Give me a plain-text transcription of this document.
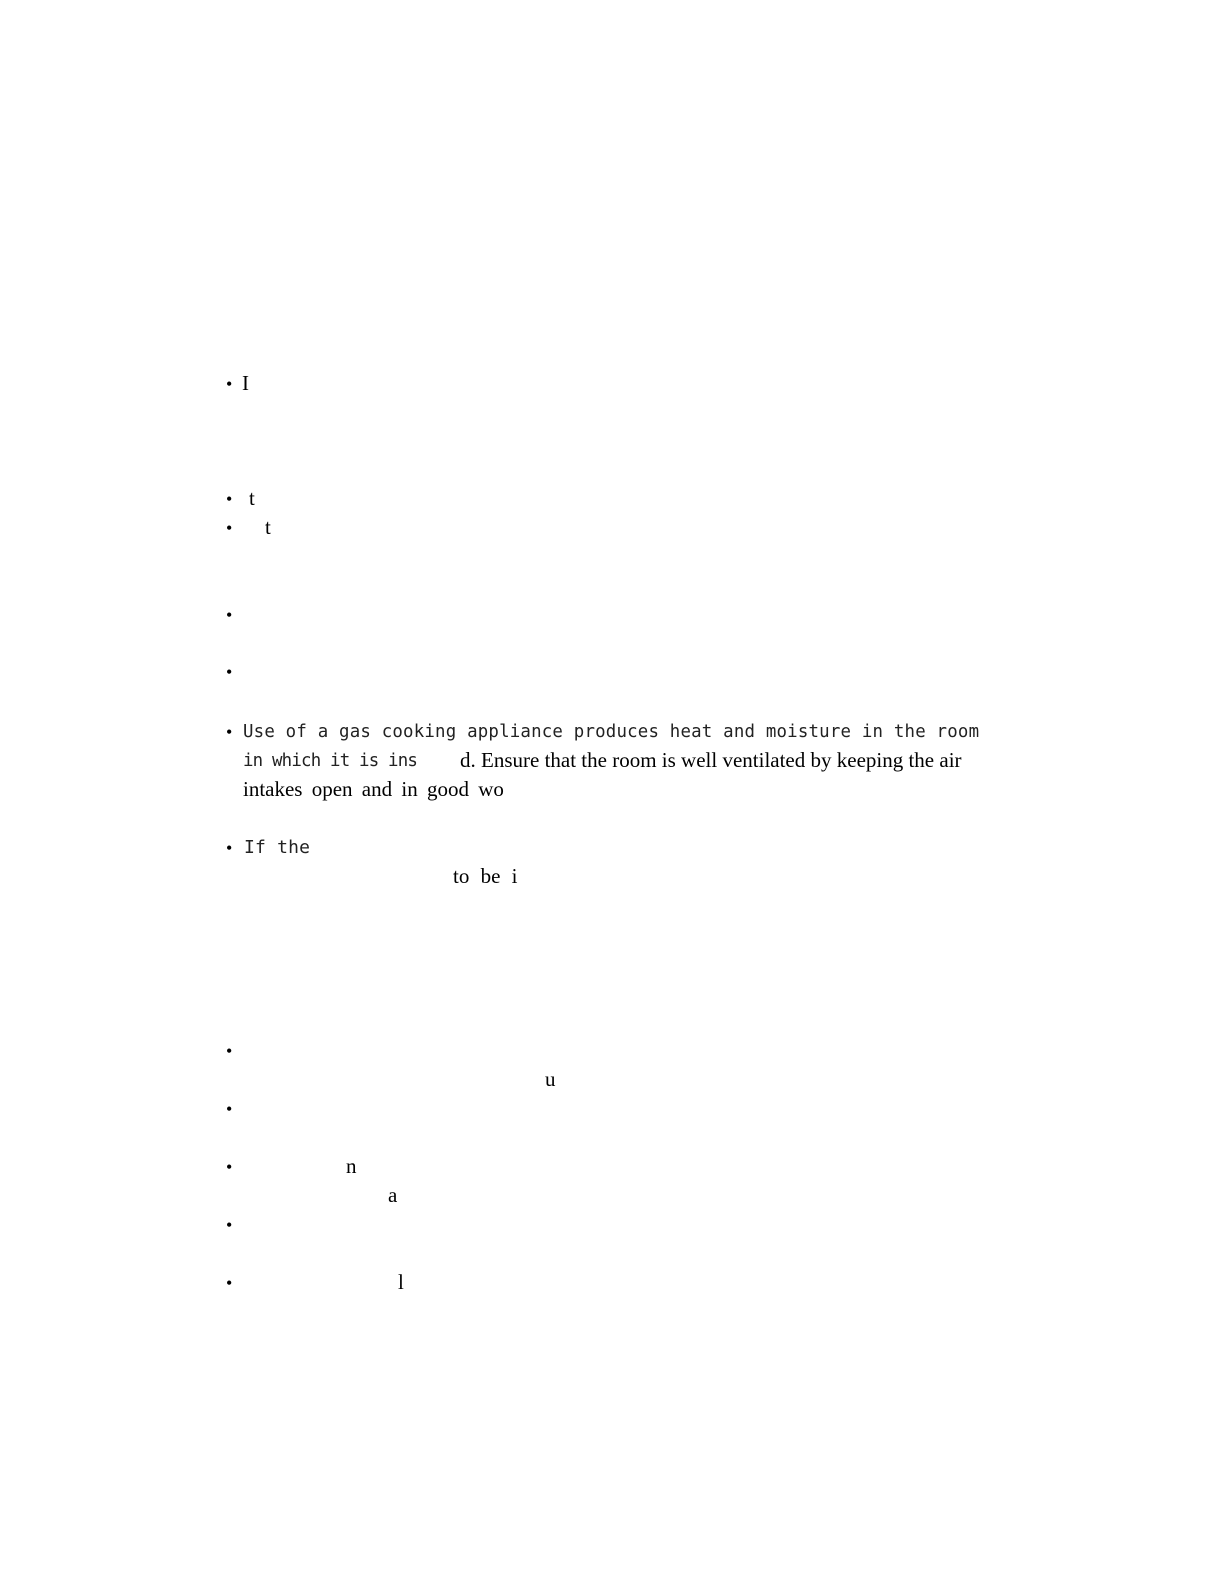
• I
• t
• t
•
•
• Use of a gas cooking appliance produces heat and moisture in the room
in which it is ins d. Ensure that the room is well ventilated by keeping the air
intakes open and in good wo
• If the
to be i
•
u
•
•	n
a
•
•	l
